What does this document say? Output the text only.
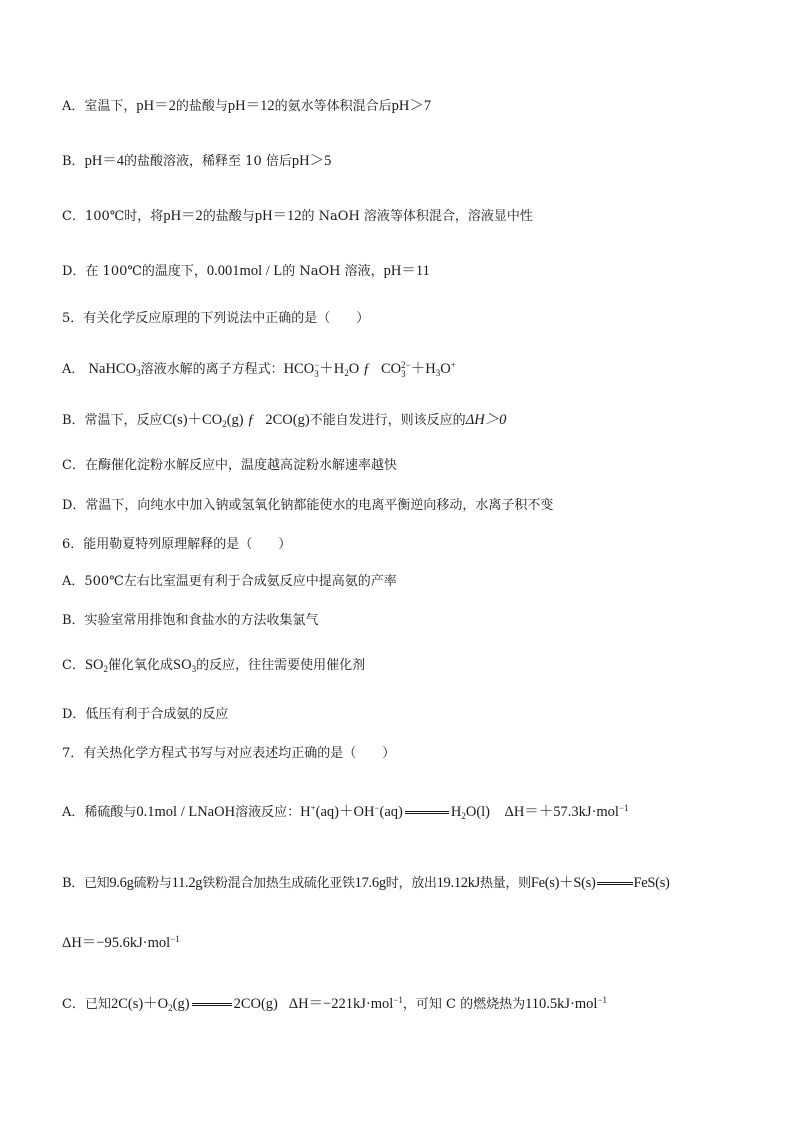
A．室温下，pH＝2的盐酸与pH＝12的氨水等体积混合后pH＞7
B．pH＝4的盐酸溶液，稀释至 10 倍后pH＞5
C．100℃时，将pH＝2的盐酸与pH＝12的 NaOH 溶液等体积混合，溶液显中性
D．在 100℃的温度下，0.001mol / L的 NaOH 溶液，pH＝11
5．有关化学反应原理的下列说法中正确的是（　　）
A． NaHCO$_3$溶液水解的离子方程式：HCO −
$3 +H_2O$ ƒ CO 2−
$3 +H_3O^+$
B．常温下，反应$C(s)+CO_2(g)$ ƒ 2CO(g)不能自发进行，则该反应的ΔH＞0
C．在酶催化淀粉水解反应中，温度越高淀粉水解速率越快
D．常温下，向纯水中加入钠或氢氧化钠都能使水的电离平衡逆向移动，水离子积不变
6．能用勒夏特列原理解释的是（　　）
A．500℃左右比室温更有利于合成氨反应中提高氨的产率
B．实验室常用排饱和食盐水的方法收集氯气
C．$SO_2$催化氧化成$SO_3$的反应，往往需要使用催化剂
D．低压有利于合成氨的反应
7．有关热化学方程式书写与对应表述均正确的是（　　）
A．稀硫酸与0.1mol / LNaOH溶液反应：H+(aq)＋OH−(aq)	$H_2O(l)$ ΔH＝＋57.3kJ·mol$^{-1}$
B．已知9.6g硫粉与11.2g铁粉混合加热生成硫化亚铁17.6g时，放出19.12kJ热量，则Fe(s)＋S(s)	FeS(s)
ΔH＝−95.6kJ·mol$^{-1}$
C．已知$2C(s)+O_2(g)$	2CO(g) ΔH＝−221kJ·mol$^{-1}$，可知 C 的燃烧热为110.5kJ·mol$^{-1}$
